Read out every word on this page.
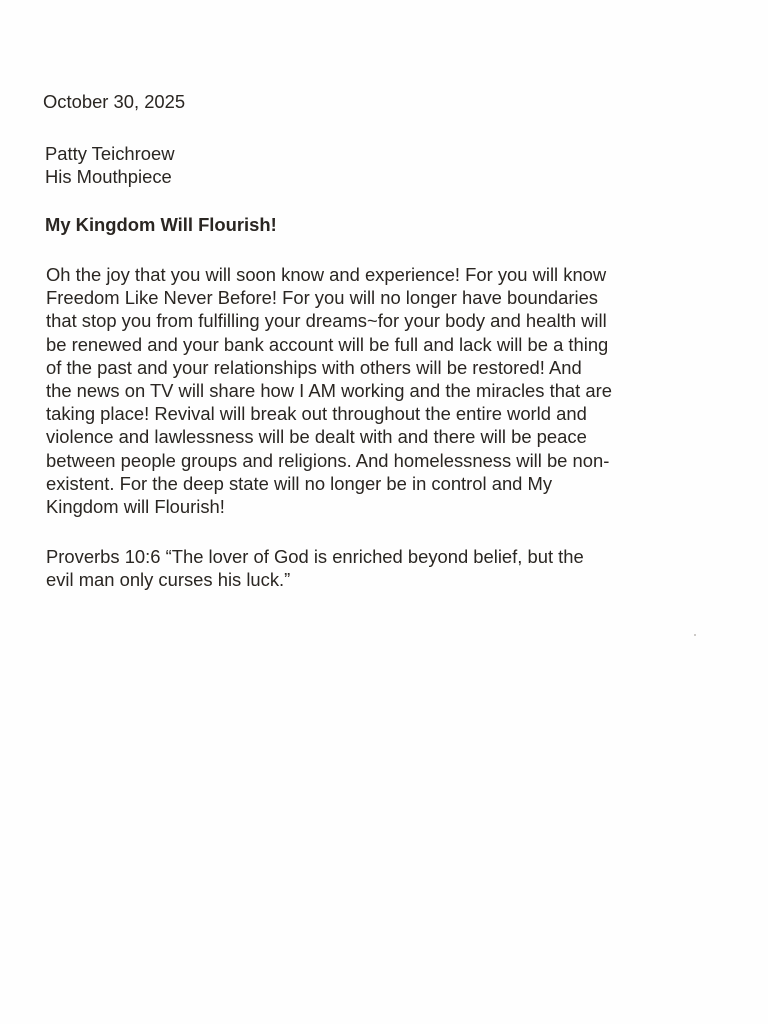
October 30, 2025

Patty Teichroew

His Mouthpiece

My Kingdom Will Flourish!

Oh the joy that you will soon know and experience! For you will know
Freedom Like Never Before! For you will no longer have boundaries
that stop you from fulfilling your dreams~for your body and health will
be renewed and your bank account will be full and lack will be a thing
of the past and your relationships with others will be restored! And
the news on TV will share how I AM working and the miracles that are
taking place! Revival will break out throughout the entire world and
violence and lawlessness will be dealt with and there will be peace
between people groups and religions. And homelessness will be non-
existent. For the deep state will no longer be in control and My
Kingdom will Flourish!

Proverbs 10:6 “The lover of God is enriched beyond belief, but the
evil man only curses his luck.”
